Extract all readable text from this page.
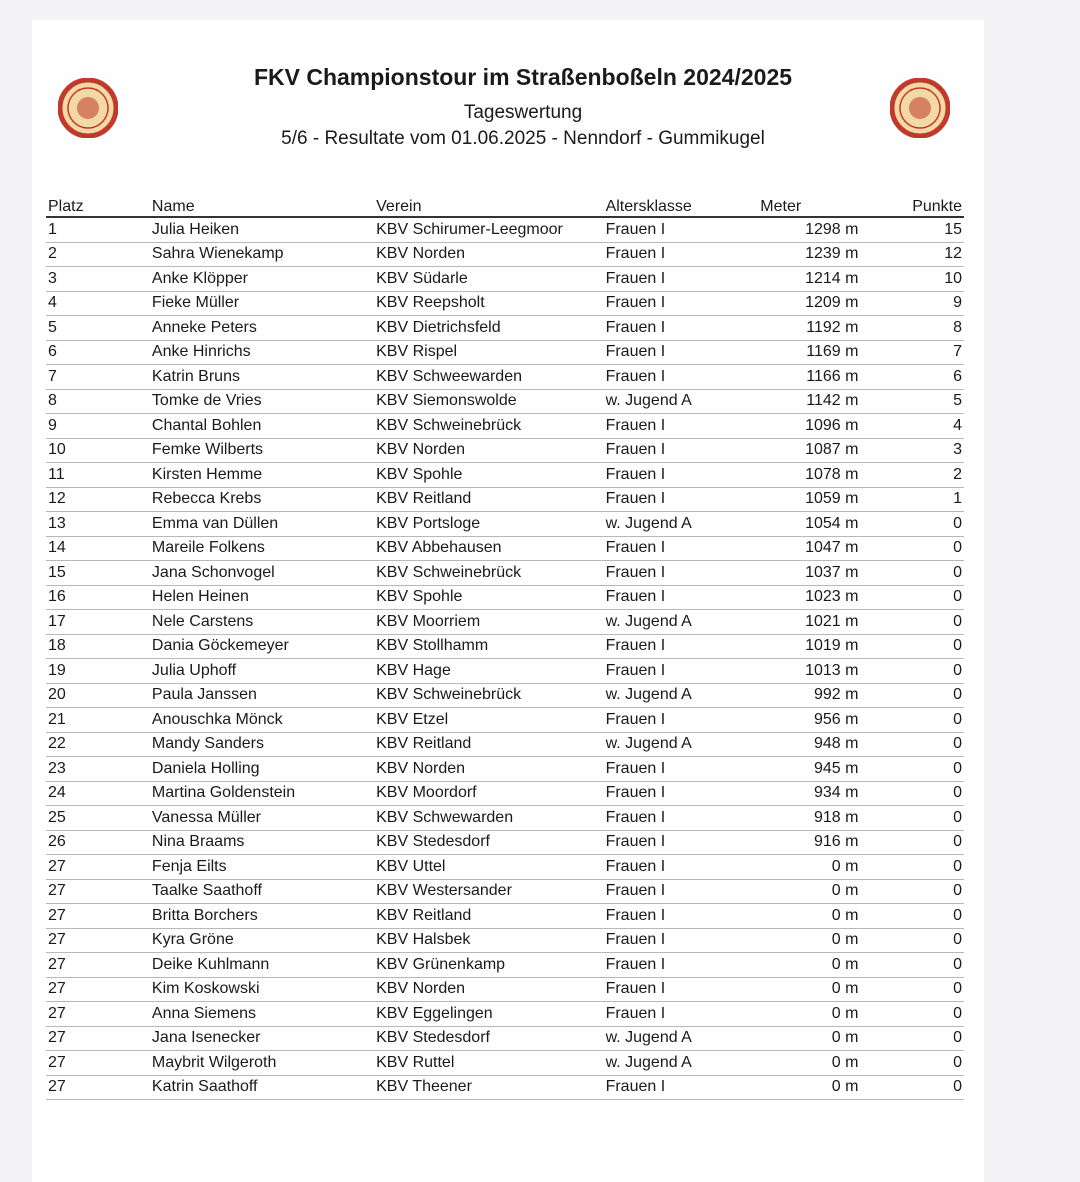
FKV Championstour im Straßenboßeln 2024/2025
Tageswertung
5/6 - Resultate vom 01.06.2025 - Nenndorf - Gummikugel
Platz	Name	Verein	Altersklasse	Meter	Punkte
1	Julia Heiken	KBV Schirumer-Leegmoor	Frauen I	1298 m	15
2	Sahra Wienekamp	KBV Norden	Frauen I	1239 m	12
3	Anke Klöpper	KBV Südarle	Frauen I	1214 m	10
4	Fieke Müller	KBV Reepsholt	Frauen I	1209 m	9
5	Anneke Peters	KBV Dietrichsfeld	Frauen I	1192 m	8
6	Anke Hinrichs	KBV Rispel	Frauen I	1169 m	7
7	Katrin Bruns	KBV Schweewarden	Frauen I	1166 m	6
8	Tomke de Vries	KBV Siemonswolde	w. Jugend A	1142 m	5
9	Chantal Bohlen	KBV Schweinebrück	Frauen I	1096 m	4
10	Femke Wilberts	KBV Norden	Frauen I	1087 m	3
11	Kirsten Hemme	KBV Spohle	Frauen I	1078 m	2
12	Rebecca Krebs	KBV Reitland	Frauen I	1059 m	1
13	Emma van Düllen	KBV Portsloge	w. Jugend A	1054 m	0
14	Mareile Folkens	KBV Abbehausen	Frauen I	1047 m	0
15	Jana Schonvogel	KBV Schweinebrück	Frauen I	1037 m	0
16	Helen Heinen	KBV Spohle	Frauen I	1023 m	0
17	Nele Carstens	KBV Moorriem	w. Jugend A	1021 m	0
18	Dania Göckemeyer	KBV Stollhamm	Frauen I	1019 m	0
19	Julia Uphoff	KBV Hage	Frauen I	1013 m	0
20	Paula Janssen	KBV Schweinebrück	w. Jugend A	992 m	0
21	Anouschka Mönck	KBV Etzel	Frauen I	956 m	0
22	Mandy Sanders	KBV Reitland	w. Jugend A	948 m	0
23	Daniela Holling	KBV Norden	Frauen I	945 m	0
24	Martina Goldenstein	KBV Moordorf	Frauen I	934 m	0
25	Vanessa Müller	KBV Schwewarden	Frauen I	918 m	0
26	Nina Braams	KBV Stedesdorf	Frauen I	916 m	0
27	Fenja Eilts	KBV Uttel	Frauen I	0 m	0
27	Taalke Saathoff	KBV Westersander	Frauen I	0 m	0
27	Britta Borchers	KBV Reitland	Frauen I	0 m	0
27	Kyra Gröne	KBV Halsbek	Frauen I	0 m	0
27	Deike Kuhlmann	KBV Grünenkamp	Frauen I	0 m	0
27	Kim Koskowski	KBV Norden	Frauen I	0 m	0
27	Anna Siemens	KBV Eggelingen	Frauen I	0 m	0
27	Jana Isenecker	KBV Stedesdorf	w. Jugend A	0 m	0
27	Maybrit Wilgeroth	KBV Ruttel	w. Jugend A	0 m	0
27	Katrin Saathoff	KBV Theener	Frauen I	0 m	0
